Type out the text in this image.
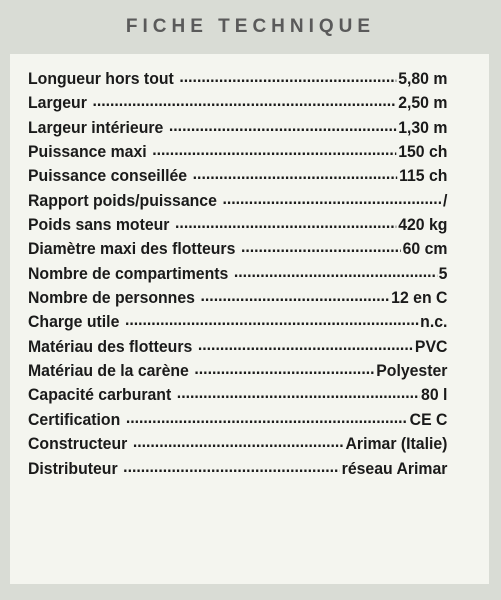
FICHE TECHNIQUE
Longueur hors tout .....	5,80 m
Largeur .....	2,50 m
Largeur intérieure .....	1,30 m
Puissance maxi .....	150 ch
Puissance conseillée .....	115 ch
Rapport poids/puissance .....	/
Poids sans moteur .....	420 kg
Diamètre maxi des flotteurs .....	60 cm
Nombre de compartiments .....	5
Nombre de personnes .....	12 en C
Charge utile .....	n.c.
Matériau des flotteurs .....	PVC
Matériau de la carène .....	Polyester
Capacité carburant .....	80 l
Certification .....	CE C
Constructeur .....	Arimar (Italie)
Distributeur .....	réseau Arimar
